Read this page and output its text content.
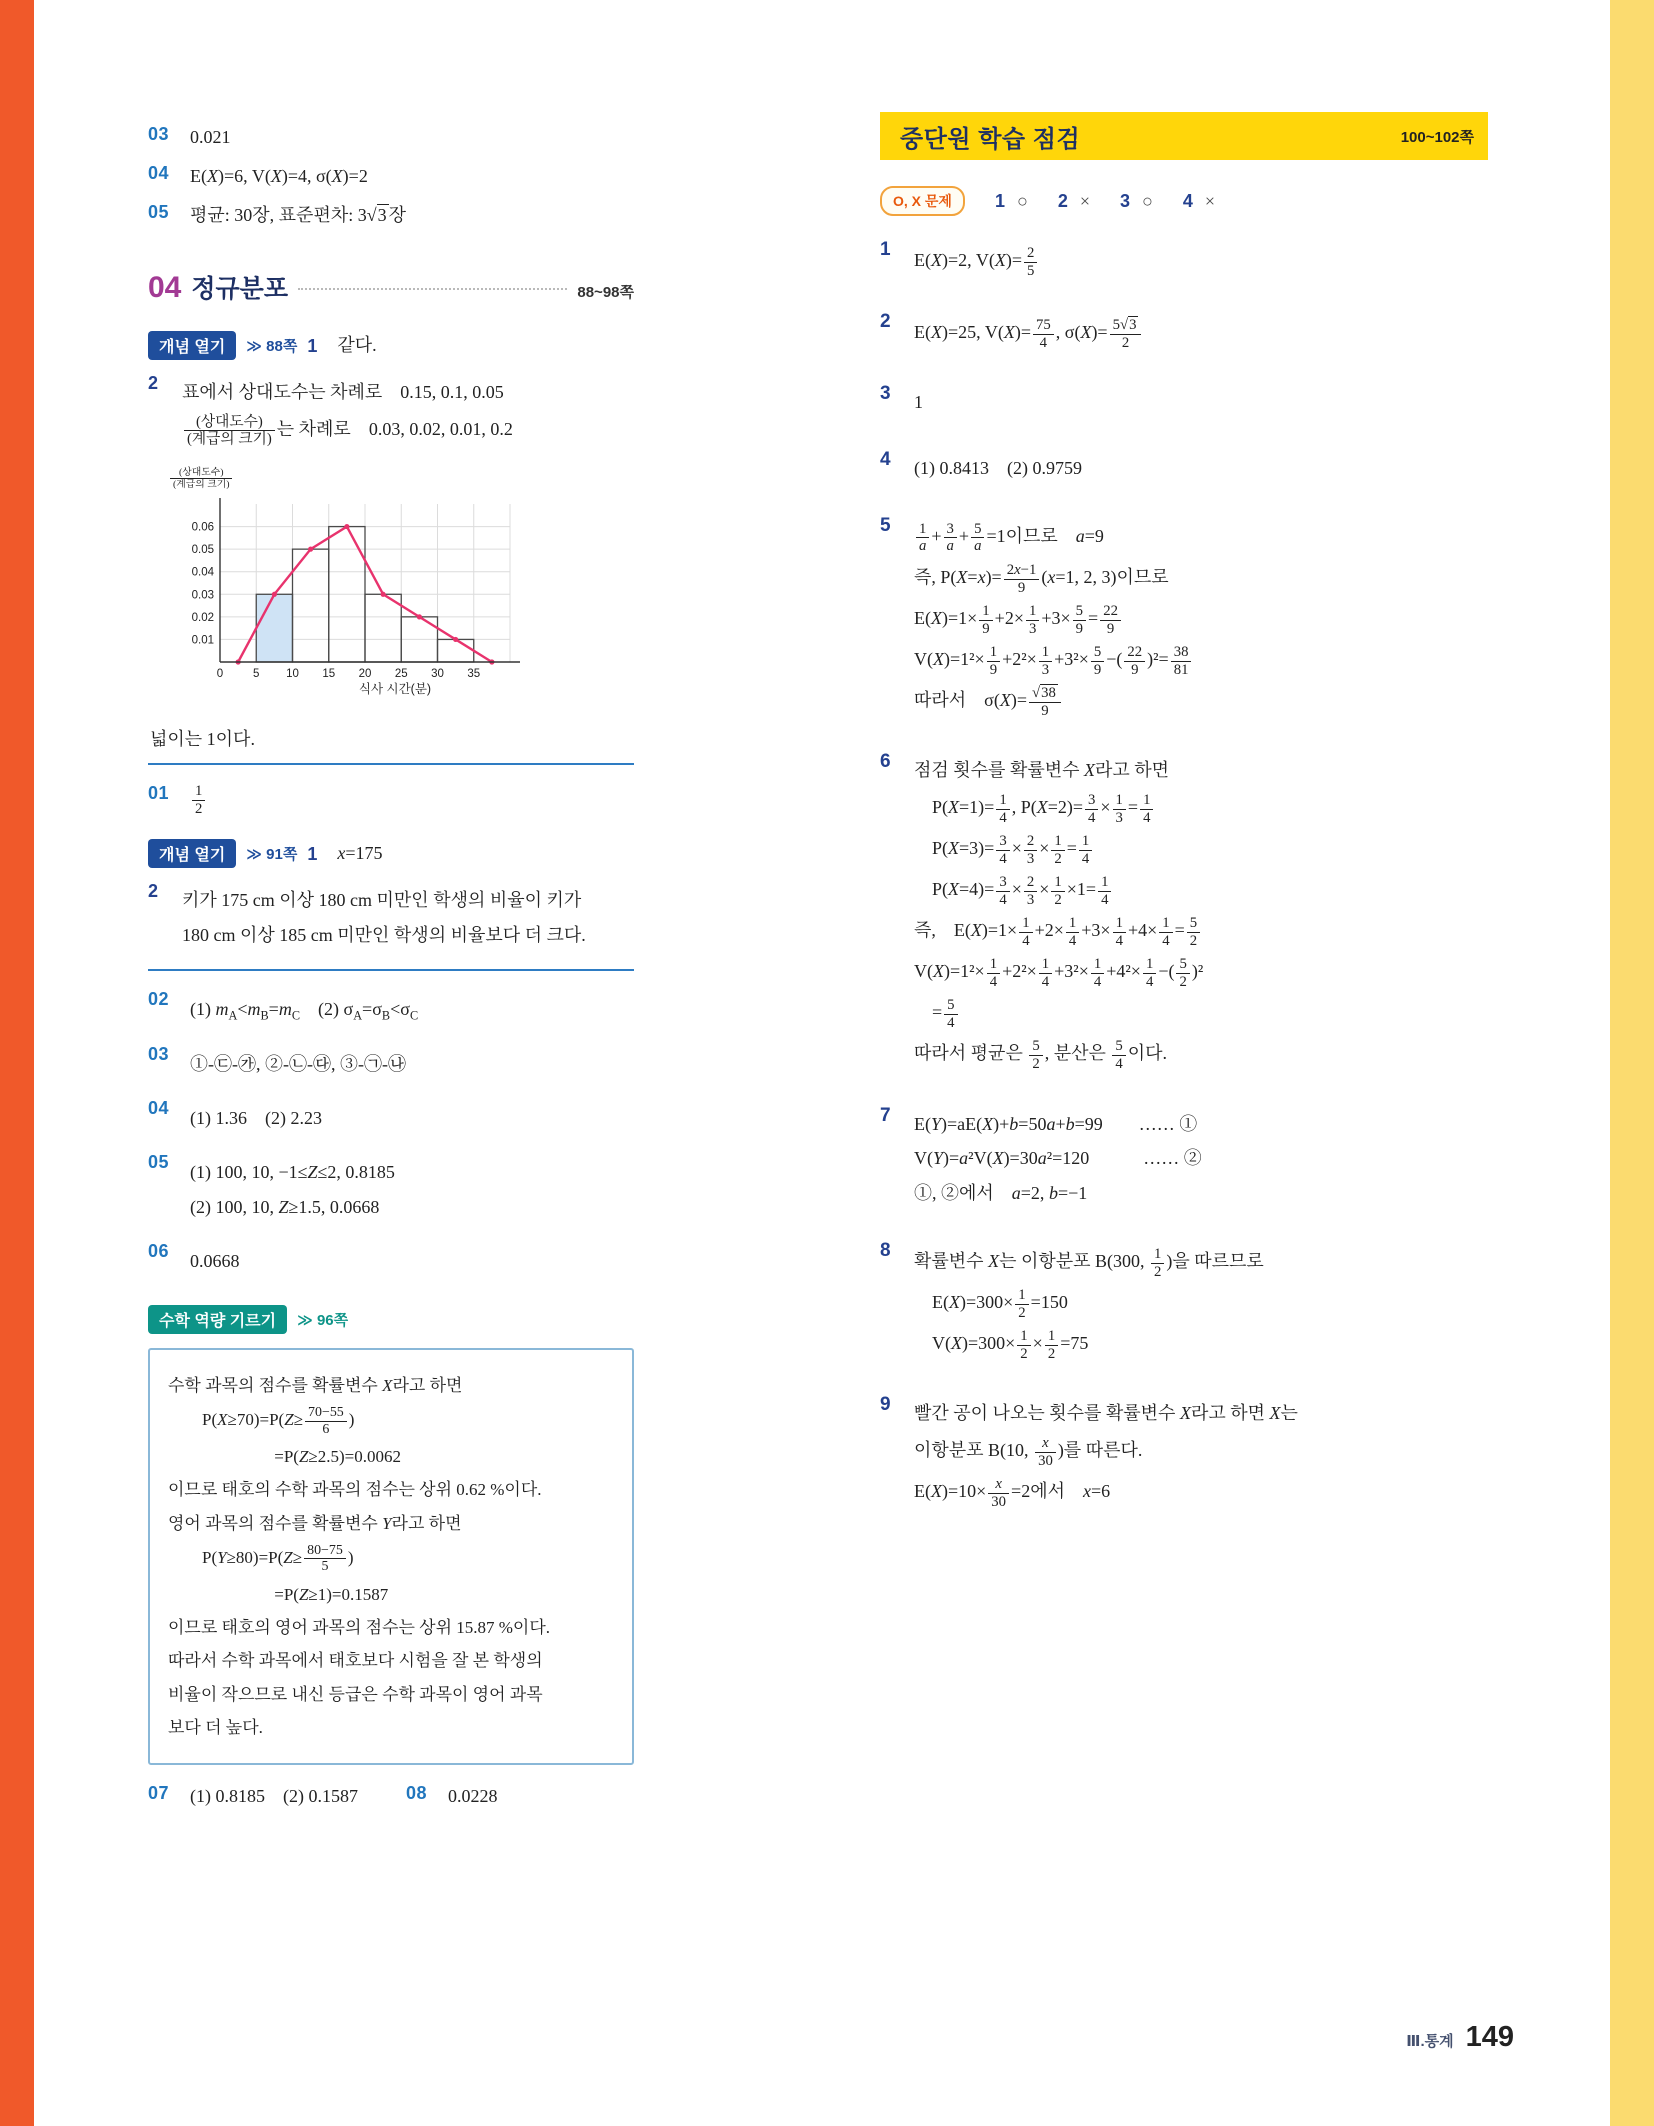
03	0.021
04	E(X)=6, V(X)=4, σ(X)=2
05	평균: 30장, 표준편차: 3√3 장
04 정규분포	88~98쪽
개념 열기	≫ 88쪽 1	같다.
2	표에서 상대도수는 차례로　0.15, 0.1, 0.05
(상대도수)
(계급의 크기)
는 차례로　0.03, 0.02, 0.01, 0.2
(상대도수)
(계급의 크기)
0.01
0.02
0.03
0.04
0.05
0.06
0	5 10 15 20 25 30 35
식사 시간(분)
넓이는 1이다.
01	$\frac{1}{2}$
개념 열기	≫ 91쪽 1	x=175
2	키가 175 cm 이상 180 cm 미만인 학생의 비율이 키가
180 cm 이상 185 cm 미만인 학생의 비율보다 더 크다.
02	(1) $m_A<m_B=m_C$　(2) $\sigma_A=\sigma_B<\sigma_C$
03	①-㉢-㉮, ②-㉡-㉰, ③-㉠-㉯
04	(1) 1.36　(2) 2.23
05	(1) 100, 10, −1≤Z≤2, 0.8185
(2) 100, 10, Z≥1.5, 0.0668
06	0.0668
수학 역량 기르기	≫ 96쪽
수학 과목의 점수를 확률변수 X라고 하면
　　$P(X\ge 70)=P(Z\ge \frac{70-55}{6}$ )
　　　　　　 =P(Z≥2.5)=0.0062
이므로 태호의 수학 과목의 점수는 상위 0.62 %이다.
영어 과목의 점수를 확률변수 Y라고 하면
　　$P(Y\ge 80)=P(Z\ge \frac{80-75}{5}$ )
　　　　　　 =P(Z≥1)=0.1587
이므로 태호의 영어 과목의 점수는 상위 15.87 %이다.
따라서 수학 과목에서 태호보다 시험을 잘 본 학생의
비율이 작으므로 내신 등급은 수학 과목이 영어 과목
보다 더 높다.
07	(1) 0.8185　(2) 0.1587	08	0.0228
중단원 학습 점검	100~102쪽
O, X 문제	1 ○ 2 × 3 ○ 4 ×
1
E(X)=2, $V(X)= \frac{2}{5}$
2
E(X)=25, $V(X)= \frac{75}{4}$ , $\sigma(X)= \frac{5√3}{2}$
3	1
4	(1) 0.8413　(2) 0.9759
5	$\frac{1}{a} + \frac{3}{a} + \frac{5}{a} =1$이므로　a=9
즉, $P(X=x)= \frac{2x-1}{9} (x=1$, 2, 3)이므로
$E(X)=1\times \frac{1}{9} +2\times \frac{1}{3} +3\times \frac{5}{9} = \frac{22}{9}$
$V(X)=1^2\times \frac{1}{9} +2^2\times \frac{1}{3} +3^2\times \frac{5}{9}$ −( $\frac{22}{9} )^2= \frac{38}{81}$
따라서　$\sigma(X)= \frac{√38}{9}$
6	점검 횟수를 확률변수 X라고 하면
　$P(X=1)= \frac{1}{4}$ , $P(X=2)= \frac{3}{4} \times \frac{1}{3} = \frac{1}{4}$
　$P(X=3)= \frac{3}{4} \times \frac{2}{3} \times \frac{1}{2} = \frac{1}{4}$
　$P(X=4)= \frac{3}{4} \times \frac{2}{3} \times \frac{1}{2} \times 1= \frac{1}{4}$
즉,　$E(X)=1\times \frac{1}{4} +2\times \frac{1}{4} +3\times \frac{1}{4} +4\times \frac{1}{4} = \frac{5}{2}$
$V(X)=1^2\times \frac{1}{4} +2^2\times \frac{1}{4} +3^2\times \frac{1}{4} +4^2\times \frac{1}{4}$ −( $\frac{5}{2} )^2$
　= $\frac{5}{4}$
따라서 평균은 $\frac{5}{2}$ , 분산은 $\frac{5}{4}$ 이다.
7	E(Y)=aE(X)+b=50a+b=99　　…… ①
V(Y)=a²V(X)=30a²=120　　　…… ②
①, ②에서　a=2, b=−1
8
확률변수 X는 이항분포 B(300, $\frac{1}{2}$ )을 따르므로
　$E(X)=300\times \frac{1}{2} =150$
　$V(X)=300\times \frac{1}{2} \times \frac{1}{2} =75$
9	빨간 공이 나오는 횟수를 확률변수 X라고 하면 X는
이항분포 B(10, $\frac{x}{30}$ )를 따른다.
$E(X)=10\times \frac{x}{30} =2$에서　x=6
Ⅲ.통계 149
